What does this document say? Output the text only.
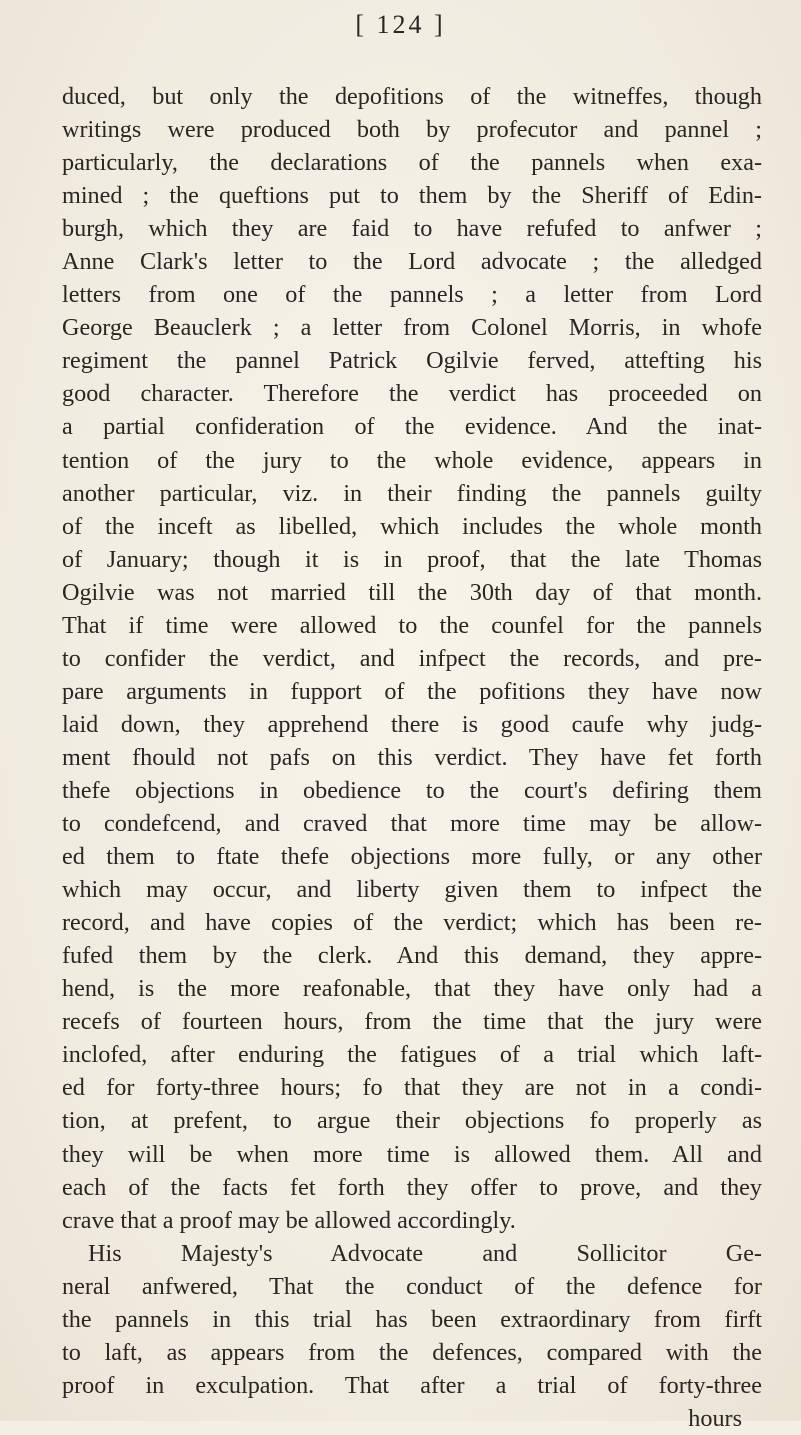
[ 124 ]
duced, but only the depofitions of the witneffes, though
writings were produced both by profecutor and pannel ;
particularly, the declarations of the pannels when exa-
mined ; the queftions put to them by the Sheriff of Edin-
burgh, which they are faid to have refufed to anfwer ;
Anne Clark's letter to the Lord advocate ; the alledged
letters from one of the pannels ; a letter from Lord
George Beauclerk ; a letter from Colonel Morris, in whofe
regiment the pannel Patrick Ogilvie ferved, attefting his
good character. Therefore the verdict has proceeded on
a partial confideration of the evidence. And the inat-
tention of the jury to the whole evidence, appears in
another particular, viz. in their finding the pannels guilty
of the inceft as libelled, which includes the whole month
of January; though it is in proof, that the late Thomas
Ogilvie was not married till the 30th day of that month.
That if time were allowed to the counfel for the pannels
to confider the verdict, and infpect the records, and pre-
pare arguments in fupport of the pofitions they have now
laid down, they apprehend there is good caufe why judg-
ment fhould not pafs on this verdict. They have fet forth
thefe objections in obedience to the court's defiring them
to condefcend, and craved that more time may be allow-
ed them to ftate thefe objections more fully, or any other
which may occur, and liberty given them to infpect the
record, and have copies of the verdict; which has been re-
fufed them by the clerk. And this demand, they appre-
hend, is the more reafonable, that they have only had a
recefs of fourteen hours, from the time that the jury were
inclofed, after enduring the fatigues of a trial which laft-
ed for forty-three hours; fo that they are not in a condi-
tion, at prefent, to argue their objections fo properly as
they will be when more time is allowed them. All and
each of the facts fet forth they offer to prove, and they
crave that a proof may be allowed accordingly.
His Majesty's Advocate and Sollicitor Ge-
neral anfwered, That the conduct of the defence for
the pannels in this trial has been extraordinary from firft
to laft, as appears from the defences, compared with the
proof in exculpation. That after a trial of forty-three
hours
